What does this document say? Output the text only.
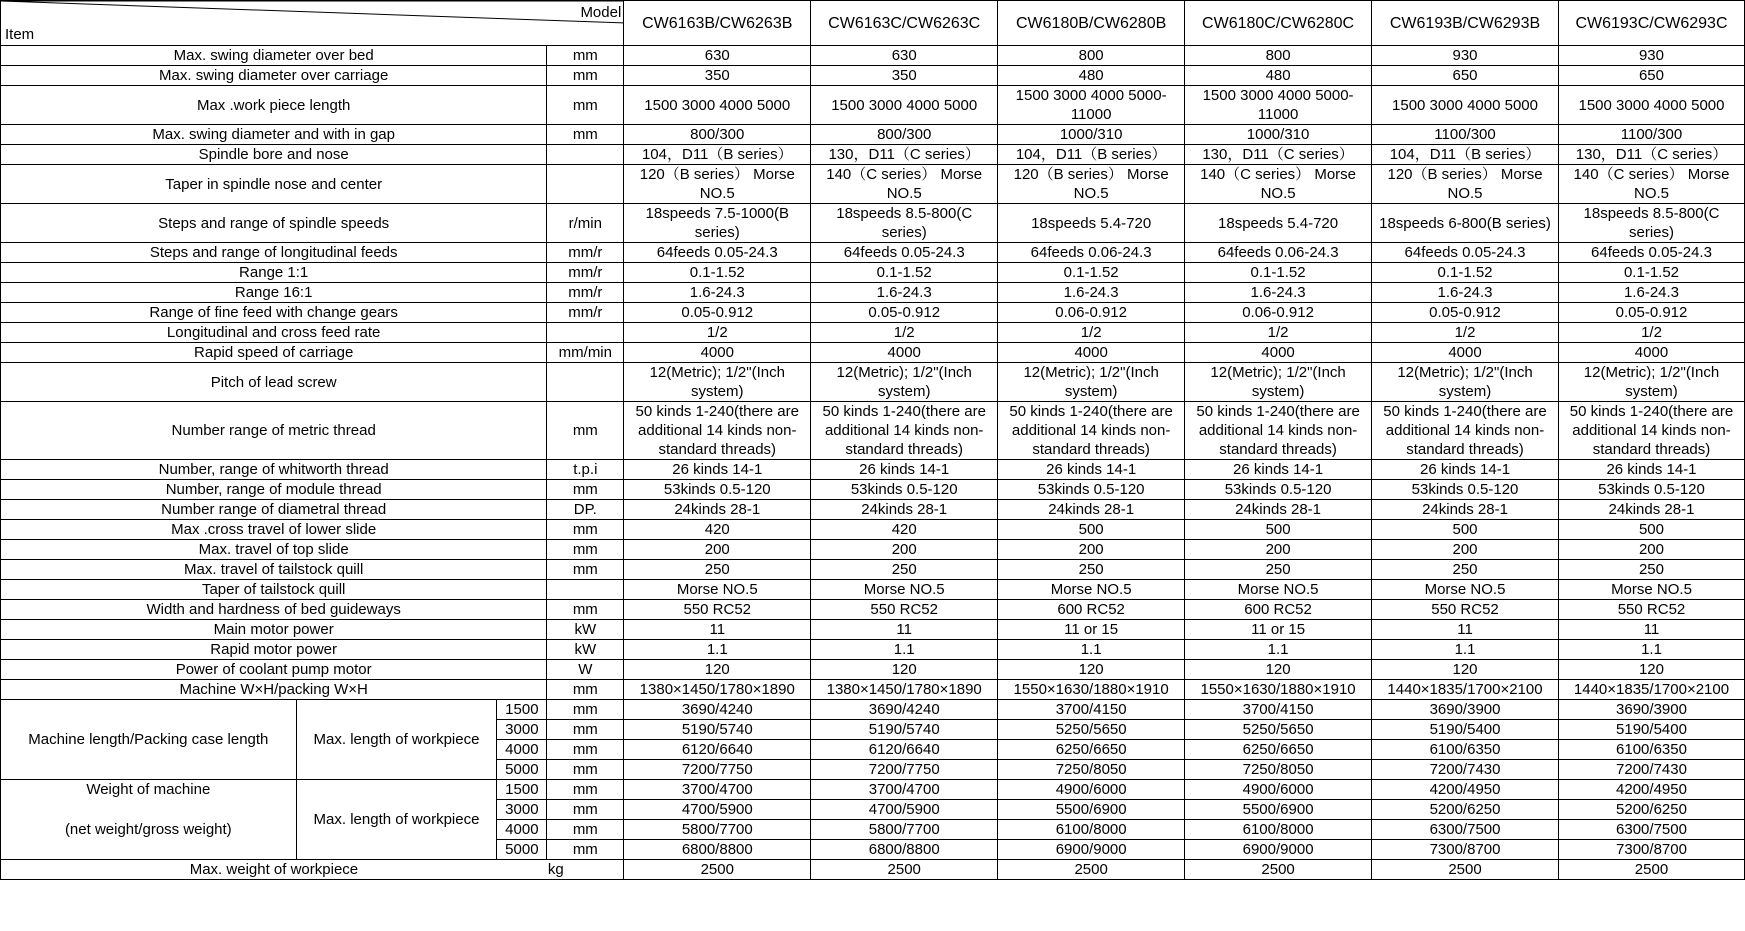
Model
Item				CW6163B/CW6263B	CW6163C/CW6263C	CW6180B/CW6280B	CW6180C/CW6280C	CW6193B/CW6293B	CW6193C/CW6293C
Max. swing diameter over bed			mm	630	630	800	800	930	930
Max. swing diameter over carriage			mm	350	350	480	480	650	650
Max .work piece length			mm	1500 3000 4000 5000	1500 3000 4000 5000	1500 3000 4000 5000-11000	1500 3000 4000 5000-11000	1500 3000 4000 5000	1500 3000 4000 5000
Max. swing diameter and with in gap			mm	800/300	800/300	1000/310	1000/310	1100/300	1100/300
Spindle bore and nose				104，D11（B series）	130，D11（C series）	104，D11（B series）	130，D11（C series）	104，D11（B series）	130，D11（C series）
Taper in spindle nose and center				120（B series） Morse NO.5	140（C series） Morse NO.5	120（B series） Morse NO.5	140（C series） Morse NO.5	120（B series） Morse NO.5	140（C series） Morse NO.5
Steps and range of spindle speeds			r/min	18speeds 7.5-1000(B series)	18speeds 8.5-800(C series)	18speeds 5.4-720	18speeds 5.4-720	18speeds 6-800(B series)	18speeds 8.5-800(C series)
Steps and range of longitudinal feeds			mm/r	64feeds 0.05-24.3	64feeds 0.05-24.3	64feeds 0.06-24.3	64feeds 0.06-24.3	64feeds 0.05-24.3	64feeds 0.05-24.3
Range 1:1			mm/r	0.1-1.52	0.1-1.52	0.1-1.52	0.1-1.52	0.1-1.52	0.1-1.52
Range 16:1			mm/r	1.6-24.3	1.6-24.3	1.6-24.3	1.6-24.3	1.6-24.3	1.6-24.3
Range of fine feed with change gears			mm/r	0.05-0.912	0.05-0.912	0.06-0.912	0.06-0.912	0.05-0.912	0.05-0.912
Longitudinal and cross feed rate				1/2	1/2	1/2	1/2	1/2	1/2
Rapid speed of carriage			mm/min	4000	4000	4000	4000	4000	4000
Pitch of lead screw				12(Metric); 1/2"(Inch system)	12(Metric); 1/2"(Inch system)	12(Metric); 1/2"(Inch system)	12(Metric); 1/2"(Inch system)	12(Metric); 1/2"(Inch system)	12(Metric); 1/2"(Inch system)
Number range of metric thread			mm	50 kinds 1-240(there are additional 14 kinds non-standard threads)	50 kinds 1-240(there are additional 14 kinds non-standard threads)	50 kinds 1-240(there are additional 14 kinds non-standard threads)	50 kinds 1-240(there are additional 14 kinds non-standard threads)	50 kinds 1-240(there are additional 14 kinds non-standard threads)	50 kinds 1-240(there are additional 14 kinds non-standard threads)
Number, range of whitworth thread			t.p.i	26 kinds 14-1	26 kinds 14-1	26 kinds 14-1	26 kinds 14-1	26 kinds 14-1	26 kinds 14-1
Number, range of module thread			mm	53kinds 0.5-120	53kinds 0.5-120	53kinds 0.5-120	53kinds 0.5-120	53kinds 0.5-120	53kinds 0.5-120
Number range of diametral thread			DP.	24kinds 28-1	24kinds 28-1	24kinds 28-1	24kinds 28-1	24kinds 28-1	24kinds 28-1
Max .cross travel of lower slide			mm	420	420	500	500	500	500
Max. travel of top slide			mm	200	200	200	200	200	200
Max. travel of tailstock quill			mm	250	250	250	250	250	250
Taper of tailstock quill				Morse NO.5	Morse NO.5	Morse NO.5	Morse NO.5	Morse NO.5	Morse NO.5
Width and hardness of bed guideways			mm	550 RC52	550 RC52	600 RC52	600 RC52	550 RC52	550 RC52
Main motor power			kW	11	11	11 or 15	11 or 15	11	11
Rapid motor power			kW	1.1	1.1	1.1	1.1	1.1	1.1
Power of coolant pump motor			W	120	120	120	120	120	120
Machine W×H/packing W×H			mm	1380×1450/1780×1890	1380×1450/1780×1890	1550×1630/1880×1910	1550×1630/1880×1910	1440×1835/1700×2100	1440×1835/1700×2100
Machine length/Packing case length	Max. length of workpiece	1500	mm	3690/4240	3690/4240	3700/4150	3700/4150	3690/3900	3690/3900
		3000	mm	5190/5740	5190/5740	5250/5650	5250/5650	5190/5400	5190/5400
		4000	mm	6120/6640	6120/6640	6250/6650	6250/6650	6100/6350	6100/6350
		5000	mm	7200/7750	7200/7750	7250/8050	7250/8050	7200/7430	7200/7430
Weight of machine	Max. length of workpiece	1500	mm	3700/4700	3700/4700	4900/6000	4900/6000	4200/4950	4200/4950
(net weight/gross weight)		3000	mm	4700/5900	4700/5900	5500/6900	5500/6900	5200/6250	5200/6250
		4000	mm	5800/7700	5800/7700	6100/8000	6100/8000	6300/7500	6300/7500
		5000	mm	6800/8800	6800/8800	6900/9000	6900/9000	7300/8700	7300/8700
Max. weight of workpiece			kg	2500	2500	2500	2500	2500	2500
